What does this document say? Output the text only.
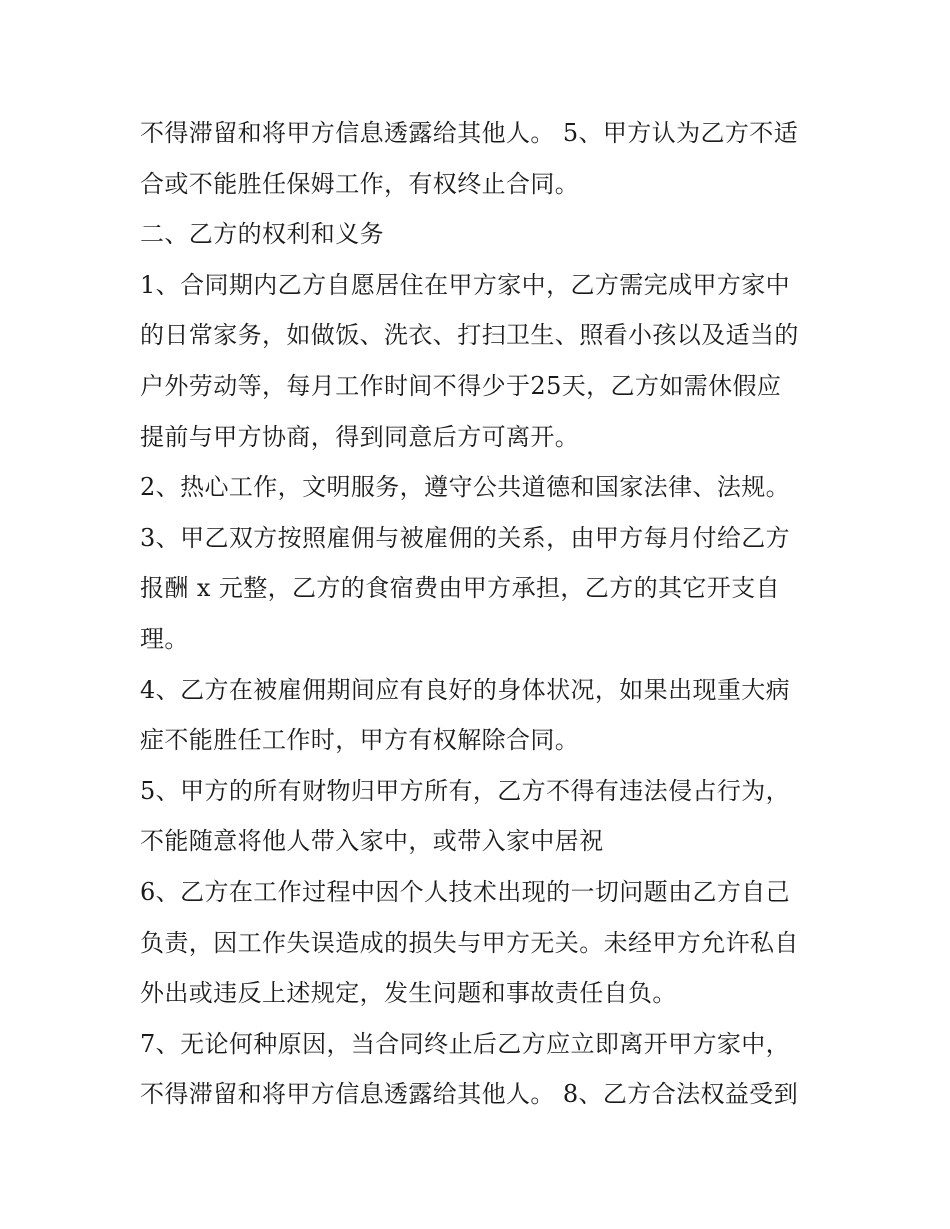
不得滞留和将甲方信息透露给其他人。 5、甲方认为乙方不适
合或不能胜任保姆工作，有权终止合同。
二、乙方的权利和义务
1、合同期内乙方自愿居住在甲方家中，乙方需完成甲方家中
的日常家务，如做饭、洗衣、打扫卫生、照看小孩以及适当的
户外劳动等，每月工作时间不得少于25天，乙方如需休假应
提前与甲方协商，得到同意后方可离开。
2、热心工作，文明服务，遵守公共道德和国家法律、法规。
3、甲乙双方按照雇佣与被雇佣的关系，由甲方每月付给乙方
报酬 x 元整，乙方的食宿费由甲方承担，乙方的其它开支自
理。
4、乙方在被雇佣期间应有良好的身体状况，如果出现重大病
症不能胜任工作时，甲方有权解除合同。
5、甲方的所有财物归甲方所有，乙方不得有违法侵占行为，
不能随意将他人带入家中，或带入家中居祝
6、乙方在工作过程中因个人技术出现的一切问题由乙方自己
负责，因工作失误造成的损失与甲方无关。未经甲方允许私自
外出或违反上述规定，发生问题和事故责任自负。
7、无论何种原因，当合同终止后乙方应立即离开甲方家中，
不得滞留和将甲方信息透露给其他人。 8、乙方合法权益受到
